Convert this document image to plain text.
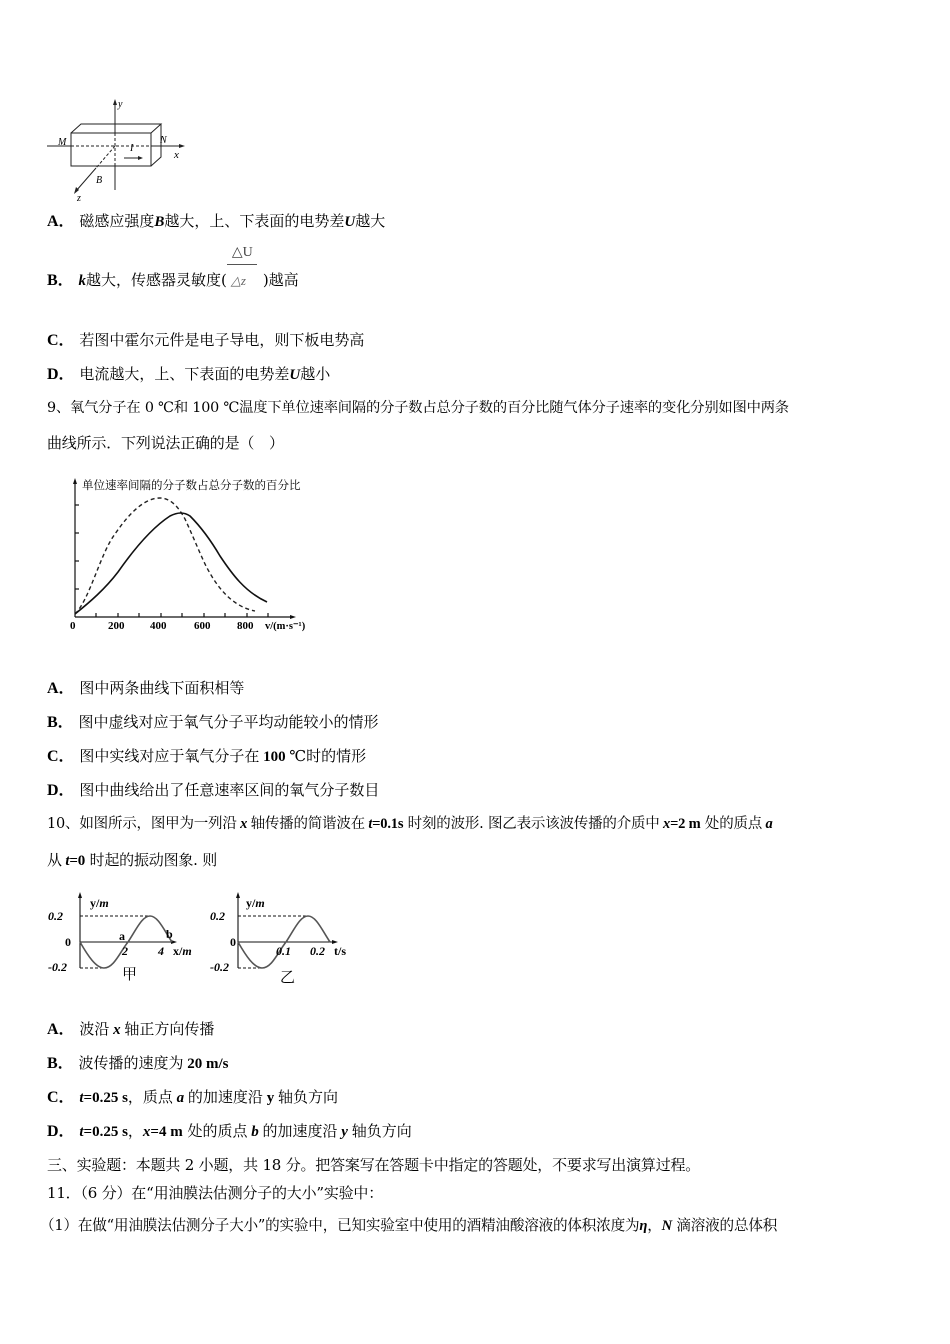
y
x
z
M	N
I
B
A． 磁感应强度B越大，上、下表面的电势差U越大
B． k越大，传感器灵敏度( $\frac{\triangle U}{\triangle z}$ )越高
C． 若图中霍尔元件是电子导电，则下板电势高
D． 电流越大，上、下表面的电势差U越小
9、氧气分子在 0 ℃和 100 ℃温度下单位速率间隔的分子数占总分子数的百分比随气体分子速率的变化分别如图中两条
曲线所示．下列说法正确的是（　）
单位速率间隔的分子数占总分子数的百分比
0	200 400	600 800 v/(m·s⁻¹)
A． 图中两条曲线下面积相等
B． 图中虚线对应于氧气分子平均动能较小的情形
C． 图中实线对应于氧气分子在 100 ℃时的情形
D． 图中曲线给出了任意速率区间的氧气分子数目
10、如图所示，图甲为一列沿 x 轴传播的简谐波在 t=0.1s 时刻的波形. 图乙表示该波传播的介质中 x=2 m 处的质点 a
从 t=0 时起的振动图象. 则
y/m
0.2
0
-0.2
a
2
b
4 x/m
甲
y/m
0.2
0
-0.2
0.1 0.2 t/s
乙
A． 波沿 x 轴正方向传播
B． 波传播的速度为 20 m/s
C． t=0.25 s，质点 a 的加速度沿 y 轴负方向
D． t=0.25 s，x=4 m 处的质点 b 的加速度沿 y 轴负方向
三、实验题：本题共 2 小题，共 18 分。把答案写在答题卡中指定的答题处，不要求写出演算过程。
11．（6 分）在“用油膜法估测分子的大小”实验中：
（1）在做“用油膜法估测分子大小”的实验中，已知实验室中使用的酒精油酸溶液的体积浓度为η，N 滴溶液的总体积
